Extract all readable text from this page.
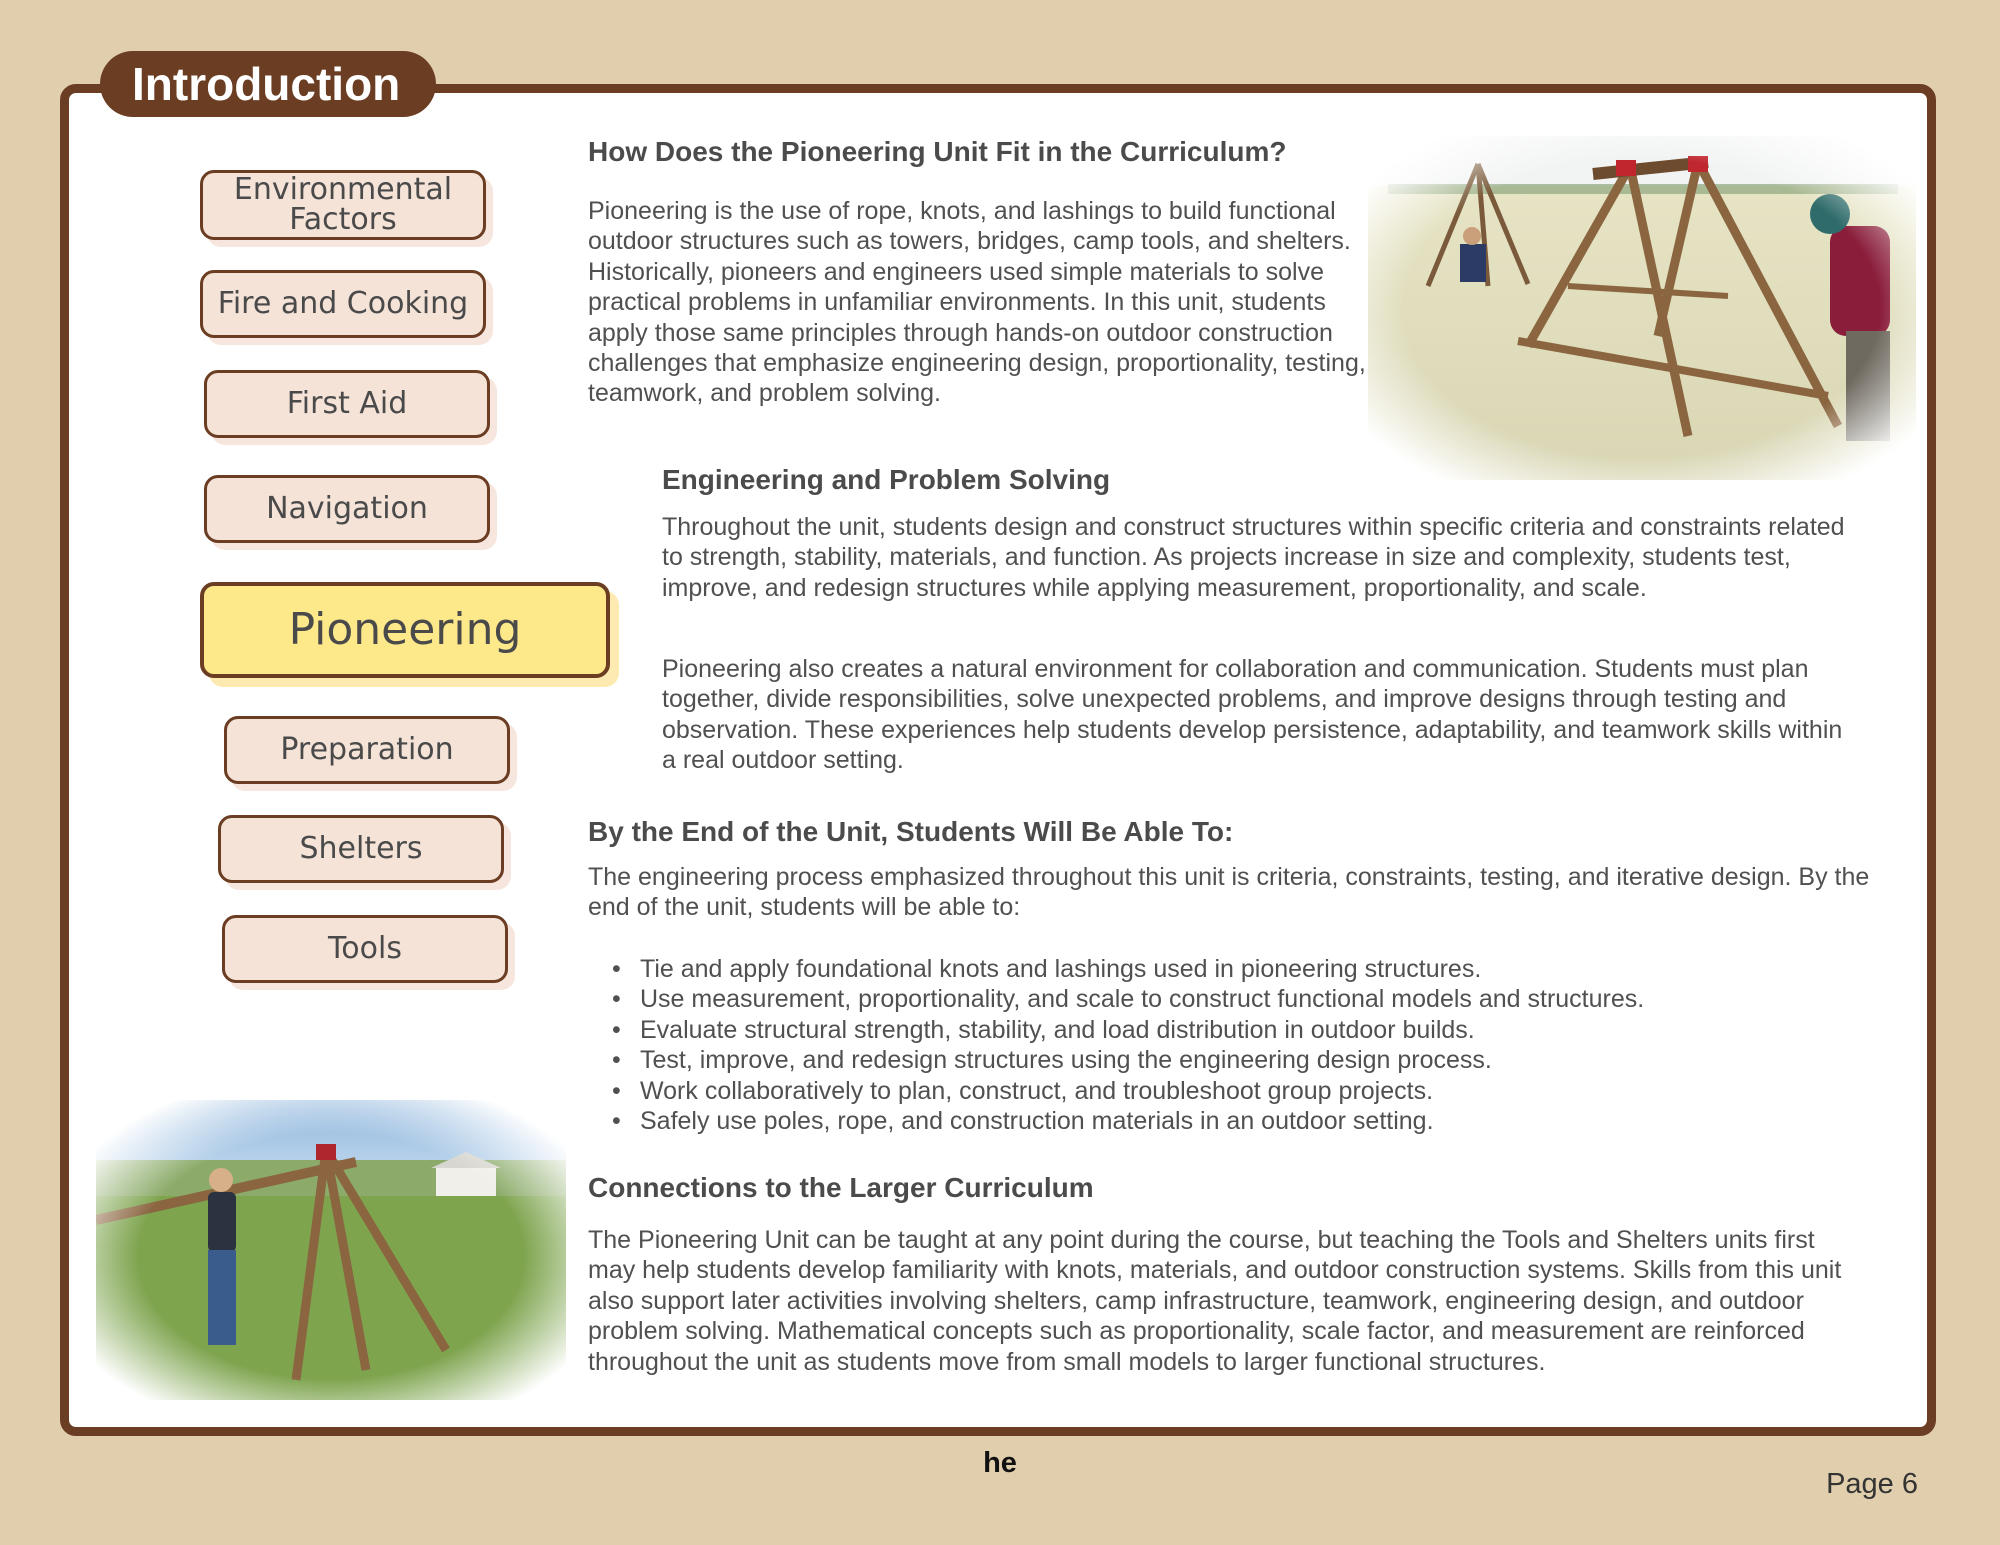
Introduction
Environmental
Factors
Fire and Cooking
First Aid
Navigation
Pioneering
Preparation
Shelters
Tools
How Does the Pioneering Unit Fit in the Curriculum?

Pioneering is the use of rope, knots, and lashings to build functional outdoor structures such as towers, bridges, camp tools, and shelters. Historically, pioneers and engineers used simple materials to solve practical problems in unfamiliar environments. In this unit, students apply those same principles through hands-on outdoor construction challenges that emphasize engineering design, proportionality, testing, teamwork, and problem solving.

Engineering and Problem Solving

Throughout the unit, students design and construct structures within specific criteria and constraints related to strength, stability, materials, and function. As projects increase in size and complexity, students test, improve, and redesign structures while applying measurement, proportionality, and scale.

Pioneering also creates a natural environment for collaboration and communication. Students must plan together, divide responsibilities, solve unexpected problems, and improve designs through testing and observation. These experiences help students develop persistence, adaptability, and teamwork skills within a real outdoor setting.

By the End of the Unit, Students Will Be Able To:

The engineering process emphasized throughout this unit is criteria, constraints, testing, and iterative design. By the end of the unit, students will be able to:

• Tie and apply foundational knots and lashings used in pioneering structures.
• Use measurement, proportionality, and scale to construct functional models and structures.
• Evaluate structural strength, stability, and load distribution in outdoor builds.
• Test, improve, and redesign structures using the engineering design process.
• Work collaboratively to plan, construct, and troubleshoot group projects.
• Safely use poles, rope, and construction materials in an outdoor setting.
Connections to the Larger Curriculum

The Pioneering Unit can be taught at any point during the course, but teaching the Tools and Shelters units first may help students develop familiarity with knots, materials, and outdoor construction systems. Skills from this unit also support later activities involving shelters, camp infrastructure, teamwork, engineering design, and outdoor problem solving. Mathematical concepts such as proportionality, scale factor, and measurement are reinforced throughout the unit as students move from small models to larger functional structures.

he
Page 6
